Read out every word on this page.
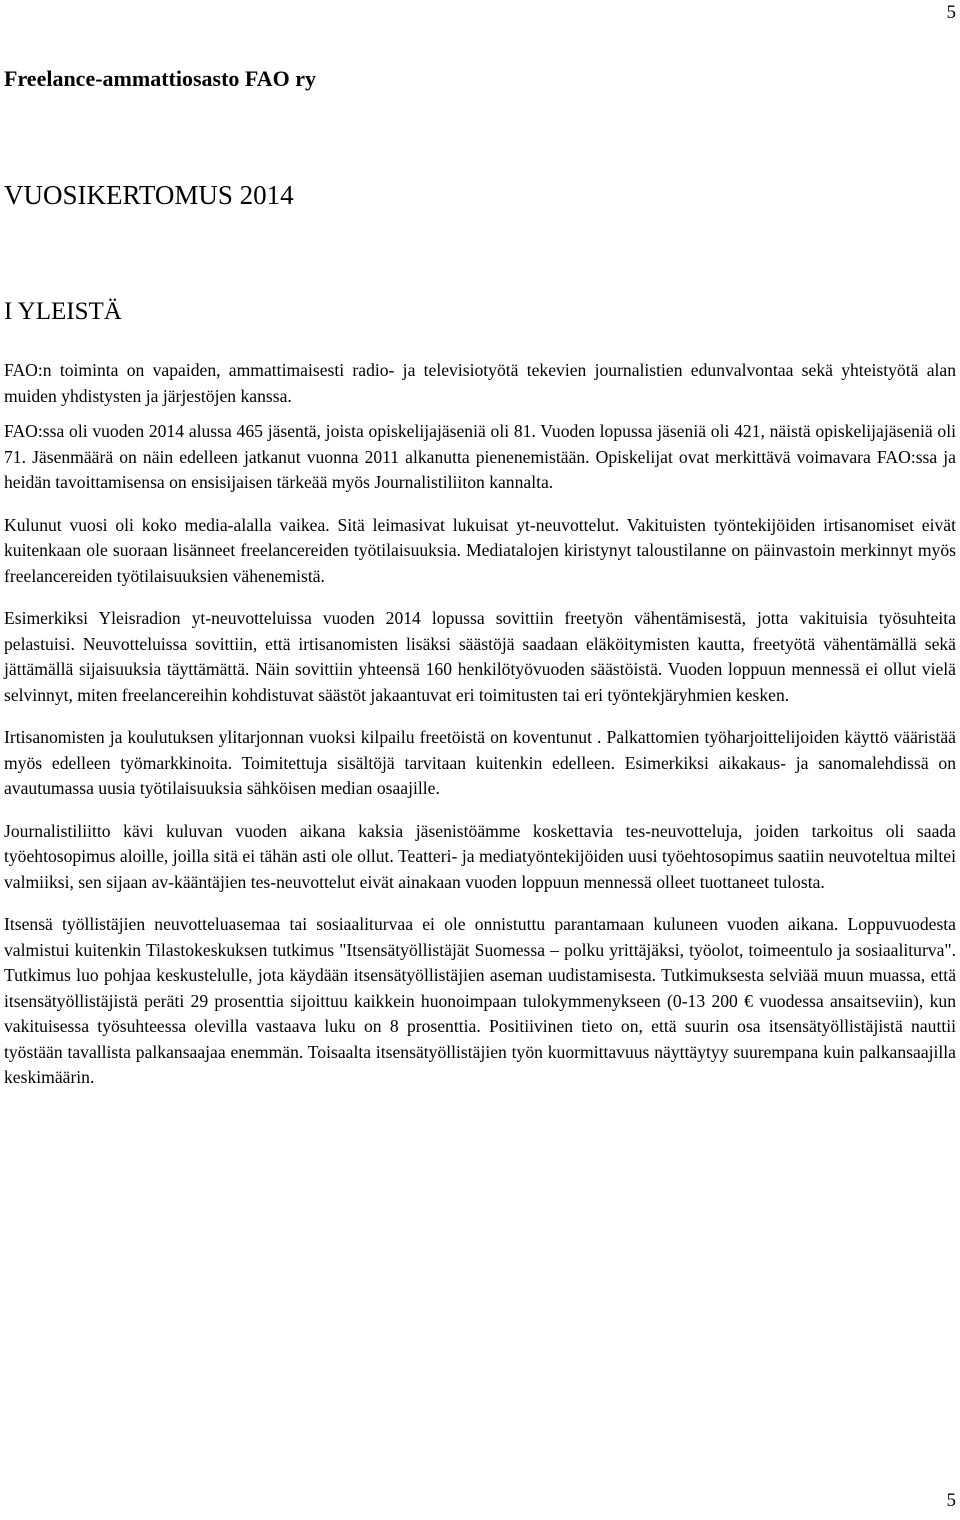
5
Freelance-ammattiosasto FAO ry
VUOSIKERTOMUS 2014
I YLEISTÄ

FAO:n toiminta on vapaiden, ammattimaisesti radio- ja televisiotyötä tekevien journalistien edunvalvontaa sekä yhteistyötä alan muiden yhdistysten ja järjestöjen kanssa.

FAO:ssa oli vuoden 2014 alussa 465 jäsentä, joista opiskelijajäseniä oli 81. Vuoden lopussa jäseniä oli 421, näistä opiskelijajäseniä oli 71. Jäsenmäärä on näin edelleen jatkanut vuonna 2011 alkanutta pienenemistään. Opiskelijat ovat merkittävä voimavara FAO:ssa ja heidän tavoittamisensa on ensisijaisen tärkeää myös Journalistiliiton kannalta.

Kulunut vuosi oli koko media-alalla vaikea. Sitä leimasivat lukuisat yt-neuvottelut. Vakituisten työntekijöiden irtisanomiset eivät kuitenkaan ole suoraan lisänneet freelancereiden työtilaisuuksia. Mediatalojen kiristynyt taloustilanne on päinvastoin merkinnyt myös freelancereiden työtilaisuuksien vähenemistä.

Esimerkiksi Yleisradion yt-neuvotteluissa vuoden 2014 lopussa sovittiin freetyön vähentämisestä, jotta vakituisia työsuhteita pelastuisi. Neuvotteluissa sovittiin, että irtisanomisten lisäksi säästöjä saadaan eläköitymisten kautta, freetyötä vähentämällä sekä jättämällä sijaisuuksia täyttämättä. Näin sovittiin yhteensä 160 henkilötyövuoden säästöistä. Vuoden loppuun mennessä ei ollut vielä selvinnyt, miten freelancereihin kohdistuvat säästöt jakaantuvat eri toimitusten tai eri työntekjäryhmien kesken.

Irtisanomisten ja koulutuksen ylitarjonnan vuoksi kilpailu freetöistä on koventunut . Palkattomien työharjoittelijoiden käyttö vääristää myös edelleen työmarkkinoita. Toimitettuja sisältöjä tarvitaan kuitenkin edelleen. Esimerkiksi aikakaus- ja sanomalehdissä on avautumassa uusia työtilaisuuksia sähköisen median osaajille.

Journalistiliitto kävi kuluvan vuoden aikana kaksia jäsenistöämme koskettavia tes-neuvotteluja, joiden tarkoitus oli saada työehtosopimus aloille, joilla sitä ei tähän asti ole ollut. Teatteri- ja mediatyöntekijöiden uusi työehtosopimus saatiin neuvoteltua miltei valmiiksi, sen sijaan av-kääntäjien tes-neuvottelut eivät ainakaan vuoden loppuun mennessä olleet tuottaneet tulosta.

Itsensä työllistäjien neuvotteluasemaa tai sosiaaliturvaa ei ole onnistuttu parantamaan kuluneen vuoden aikana. Loppuvuodesta valmistui kuitenkin Tilastokeskuksen tutkimus "Itsensätyöllistäjät Suomessa – polku yrittäjäksi, työolot, toimeentulo ja sosiaaliturva". Tutkimus luo pohjaa keskustelulle, jota käydään itsensätyöllistäjien aseman uudistamisesta. Tutkimuksesta selviää muun muassa, että itsensätyöllistäjistä peräti 29 prosenttia sijoittuu kaikkein huonoimpaan tulokymmenykseen (0-13 200 € vuodessa ansaitseviin), kun vakituisessa työsuhteessa olevilla vastaava luku on 8 prosenttia. Positiivinen tieto on, että suurin osa itsensätyöllistäjistä nauttii työstään tavallista palkansaajaa enemmän. Toisaalta itsensätyöllistäjien työn kuormittavuus näyttäytyy suurempana kuin palkansaajilla keskimäärin.

5
